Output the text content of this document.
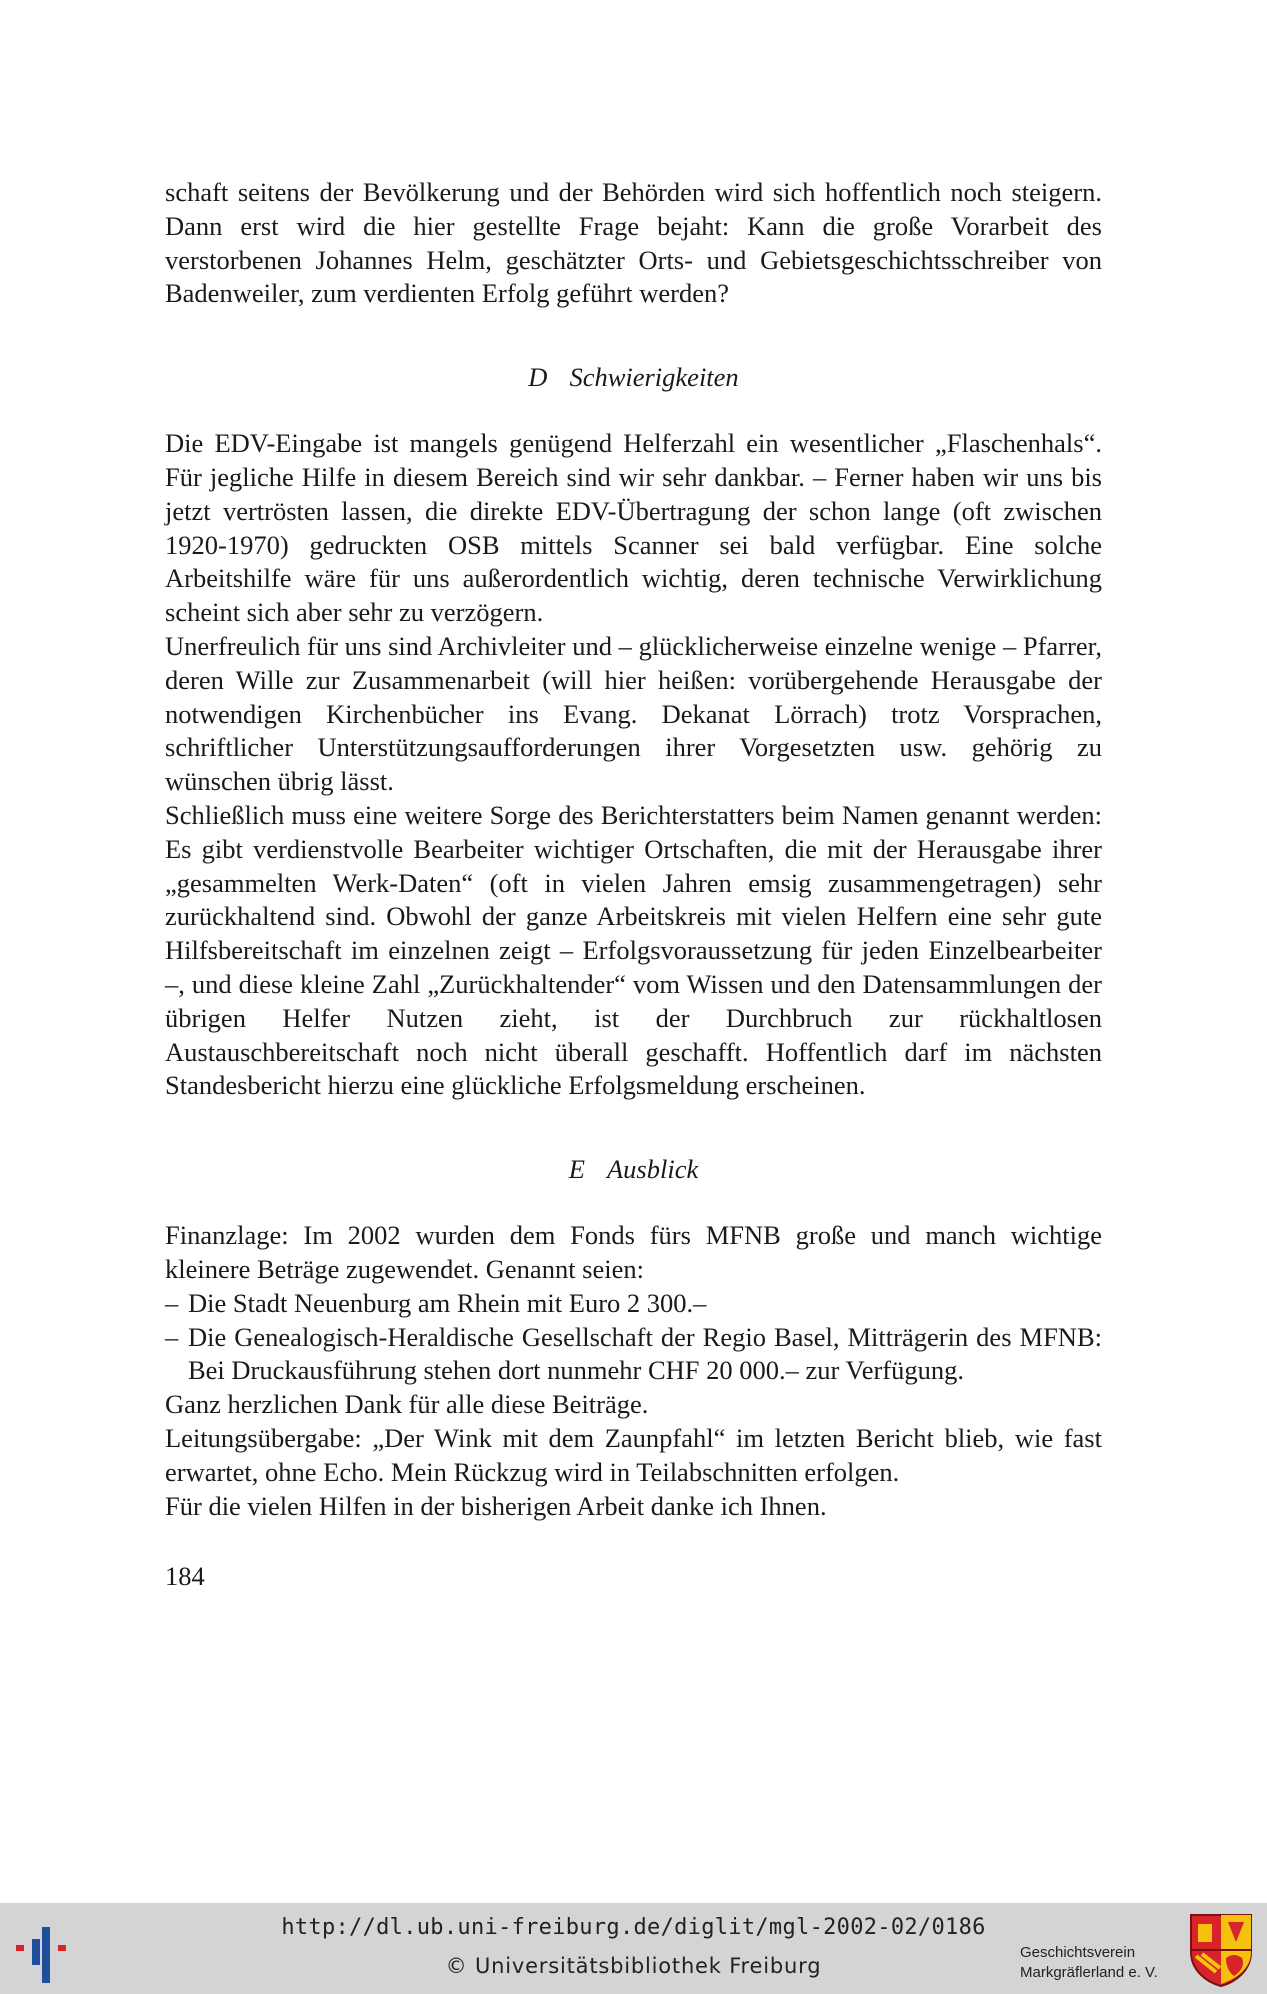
schaft seitens der Bevölkerung und der Behörden wird sich hoffentlich noch steigern. Dann erst wird die hier gestellte Frage bejaht: Kann die große Vorarbeit des verstorbenen Johannes Helm, geschätzter Orts- und Gebietsgeschichtsschreiber von Badenweiler, zum verdienten Erfolg geführt werden?

D Schwierigkeiten

Die EDV-Eingabe ist mangels genügend Helferzahl ein wesentlicher „Flaschenhals“. Für jegliche Hilfe in diesem Bereich sind wir sehr dankbar. – Ferner haben wir uns bis jetzt vertrösten lassen, die direkte EDV-Übertragung der schon lange (oft zwischen 1920-1970) gedruckten OSB mittels Scanner sei bald verfügbar. Eine solche Arbeitshilfe wäre für uns außerordentlich wichtig, deren technische Verwirklichung scheint sich aber sehr zu verzögern.

Unerfreulich für uns sind Archivleiter und – glücklicherweise einzelne wenige – Pfarrer, deren Wille zur Zusammenarbeit (will hier heißen: vorübergehende Herausgabe der notwendigen Kirchenbücher ins Evang. Dekanat Lörrach) trotz Vorsprachen, schriftlicher Unterstützungsaufforderungen ihrer Vorgesetzten usw. gehörig zu wünschen übrig lässt.

Schließlich muss eine weitere Sorge des Berichterstatters beim Namen genannt werden: Es gibt verdienstvolle Bearbeiter wichtiger Ortschaften, die mit der Herausgabe ihrer „gesammelten Werk-Daten“ (oft in vielen Jahren emsig zusammengetragen) sehr zurückhaltend sind. Obwohl der ganze Arbeitskreis mit vielen Helfern eine sehr gute Hilfsbereitschaft im einzelnen zeigt – Erfolgsvoraussetzung für jeden Einzelbearbeiter –, und diese kleine Zahl „Zurückhaltender“ vom Wissen und den Datensammlungen der übrigen Helfer Nutzen zieht, ist der Durchbruch zur rückhaltlosen Austauschbereitschaft noch nicht überall geschafft. Hoffentlich darf im nächsten Standesbericht hierzu eine glückliche Erfolgsmeldung erscheinen.

E Ausblick

Finanzlage: Im 2002 wurden dem Fonds fürs MFNB große und manch wichtige kleinere Beträge zugewendet. Genannt seien:

– Die Stadt Neuenburg am Rhein mit Euro 2 300.–
– Die Genealogisch-Heraldische Gesellschaft der Regio Basel, Mitträgerin des MFNB: Bei Druckausführung stehen dort nunmehr CHF 20 000.– zur Verfügung.

Ganz herzlichen Dank für alle diese Beiträge.

Leitungsübergabe: „Der Wink mit dem Zaunpfahl“ im letzten Bericht blieb, wie fast erwartet, ohne Echo. Mein Rückzug wird in Teilabschnitten erfolgen.

Für die vielen Hilfen in der bisherigen Arbeit danke ich Ihnen.

184

http://dl.ub.uni-freiburg.de/diglit/mgl-2002-02/0186
© Universitätsbibliothek Freiburg
Geschichtsverein
Markgräflerland e. V.
